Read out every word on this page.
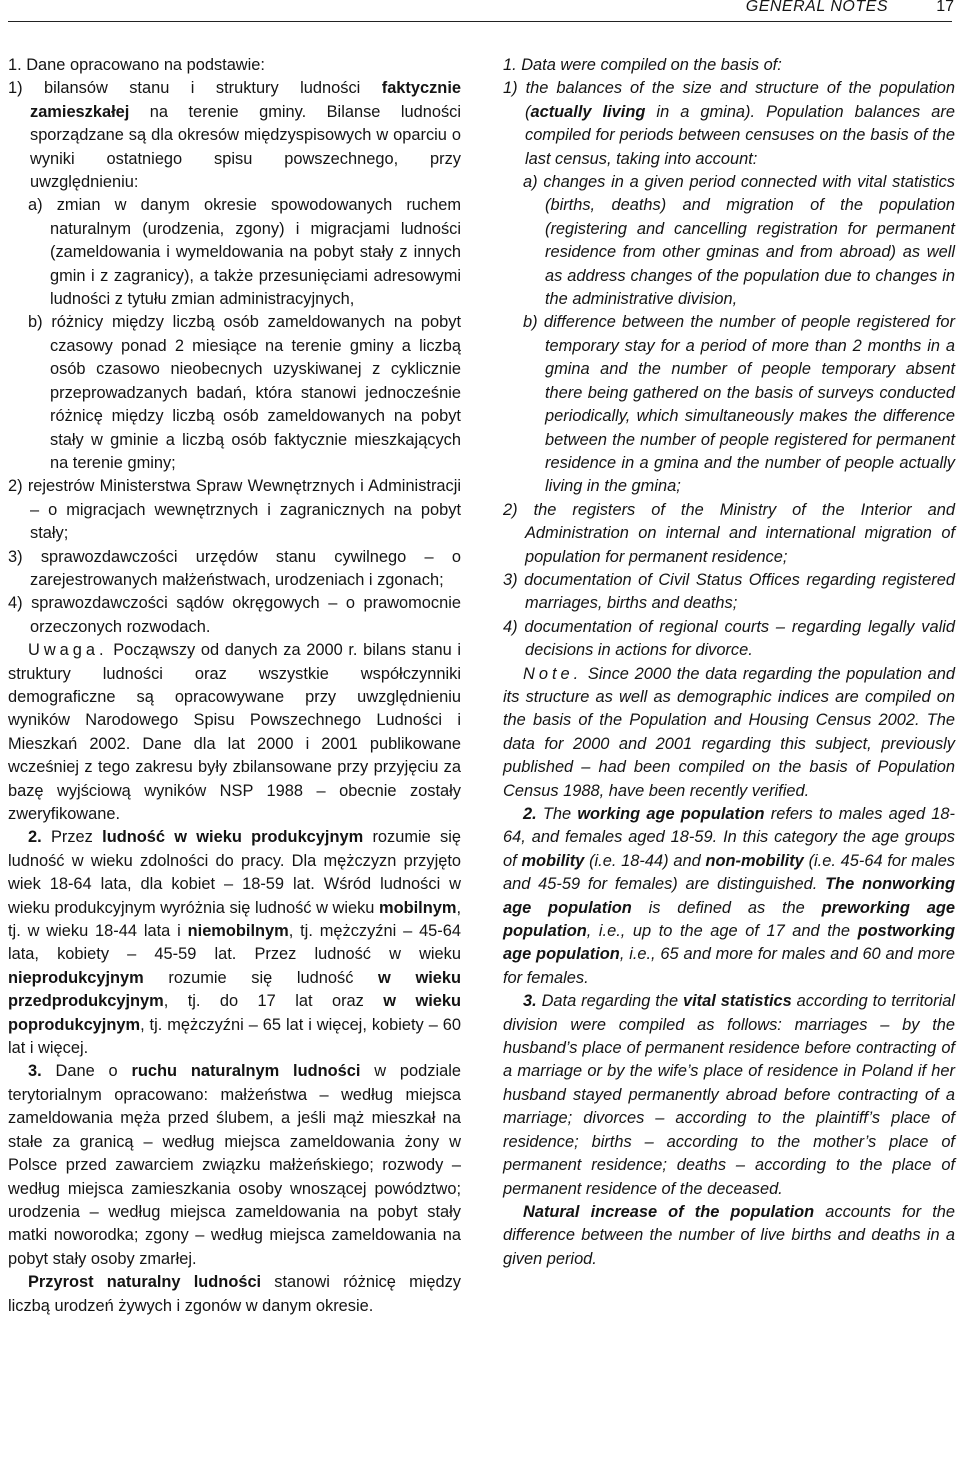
GENERAL NOTES	17

1. Dane opracowano na podstawie:

1) bilansów stanu i struktury ludności faktycznie zamieszkałej na terenie gminy. Bilanse ludności sporządzane są dla okresów międzyspisowych w oparciu o wyniki ostatniego spisu powszechnego, przy uwzględnieniu:

a) zmian w danym okresie spowodowanych ruchem naturalnym (urodzenia, zgony) i migracjami ludności (zameldowania i wymeldowania na pobyt stały z innych gmin i z zagranicy), a także przesunięciami adresowymi ludności z tytułu zmian administracyjnych,

b) różnicy między liczbą osób zameldowanych na pobyt czasowy ponad 2 miesiące na terenie gminy a liczbą osób czasowo nieobecnych uzyskiwanej z cyklicznie przeprowadzanych badań, która stanowi jednocześnie różnicę między liczbą osób zameldowanych na pobyt stały w gminie a liczbą osób faktycznie mieszkających na terenie gminy;

2) rejestrów Ministerstwa Spraw Wewnętrznych i Administracji – o migracjach wewnętrznych i zagranicznych na pobyt stały;

3) sprawozdawczości urzędów stanu cywilnego – o zarejestrowanych małżeństwach, urodzeniach i zgonach;

4) sprawozdawczości sądów okręgowych – o prawomocnie orzeczonych rozwodach.

Uwaga. Począwszy od danych za 2000 r. bilans stanu i struktury ludności oraz wszystkie współczynniki demograficzne są opracowywane przy uwzględnieniu wyników Narodowego Spisu Powszechnego Ludności i Mieszkań 2002. Dane dla lat 2000 i 2001 publikowane wcześniej z tego zakresu były zbilansowane przy przyjęciu za bazę wyjściową wyników NSP 1988 – obecnie zostały zweryfikowane.

2. Przez ludność w wieku produkcyjnym rozumie się ludność w wieku zdolności do pracy. Dla mężczyzn przyjęto wiek 18-64 lata, dla kobiet – 18-59 lat. Wśród ludności w wieku produkcyjnym wyróżnia się ludność w wieku mobilnym, tj. w wieku 18-44 lata i niemobilnym, tj. mężczyźni – 45-64 lata, kobiety – 45-59 lat. Przez ludność w wieku nieprodukcyjnym rozumie się ludność w wieku przedprodukcyjnym, tj. do 17 lat oraz w wieku poprodukcyjnym, tj. mężczyźni – 65 lat i więcej, kobiety – 60 lat i więcej.

3. Dane o ruchu naturalnym ludności w podziale terytorialnym opracowano: małżeństwa – według miejsca zameldowania męża przed ślubem, a jeśli mąż mieszkał na stałe za granicą – według miejsca zameldowania żony w Polsce przed zawarciem związku małżeńskiego; rozwody – według miejsca zamieszkania osoby wnoszącej powództwo; urodzenia – według miejsca zameldowania na pobyt stały matki noworodka; zgony – według miejsca zameldowania na pobyt stały osoby zmarłej.

Przyrost naturalny ludności stanowi różnicę między liczbą urodzeń żywych i zgonów w danym okresie.

1. Data were compiled on the basis of:

1) the balances of the size and structure of the population (actually living in a gmina). Population balances are compiled for periods between censuses on the basis of the last census, taking into account:

a) changes in a given period connected with vital statistics (births, deaths) and migration of the population (registering and cancelling registration for permanent residence from other gminas and from abroad) as well as address changes of the population due to changes in the administrative division,

b) difference between the number of people registered for temporary stay for a period of more than 2 months in a gmina and the number of people temporary absent there being gathered on the basis of surveys conducted periodically, which simultaneously makes the difference between the number of people registered for permanent residence in a gmina and the number of people actually living in the gmina;

2) the registers of the Ministry of the Interior and Administration on internal and international migration of population for permanent residence;

3) documentation of Civil Status Offices regarding registered marriages, births and deaths;

4) documentation of regional courts – regarding legally valid decisions in actions for divorce.

Note. Since 2000 the data regarding the population and its structure as well as demographic indices are compiled on the basis of the Population and Housing Census 2002. The data for 2000 and 2001 regarding this subject, previously published – had been compiled on the basis of Population Census 1988, have been recently verified.

2. The working age population refers to males aged 18-64, and females aged 18-59. In this category the age groups of mobility (i.e. 18-44) and non-mobility (i.e. 45-64 for males and 45-59 for females) are distinguished. The nonworking age population is defined as the preworking age population, i.e., up to the age of 17 and the postworking age population, i.e., 65 and more for males and 60 and more for females.

3. Data regarding the vital statistics according to territorial division were compiled as follows: marriages – by the husband’s place of permanent residence before contracting of a marriage or by the wife’s place of residence in Poland if her husband stayed permanently abroad before contracting of a marriage; divorces – according to the plaintiff’s place of residence; births – according to the mother’s place of permanent residence; deaths – according to the place of permanent residence of the deceased.

Natural increase of the population accounts for the difference between the number of live births and deaths in a given period.
